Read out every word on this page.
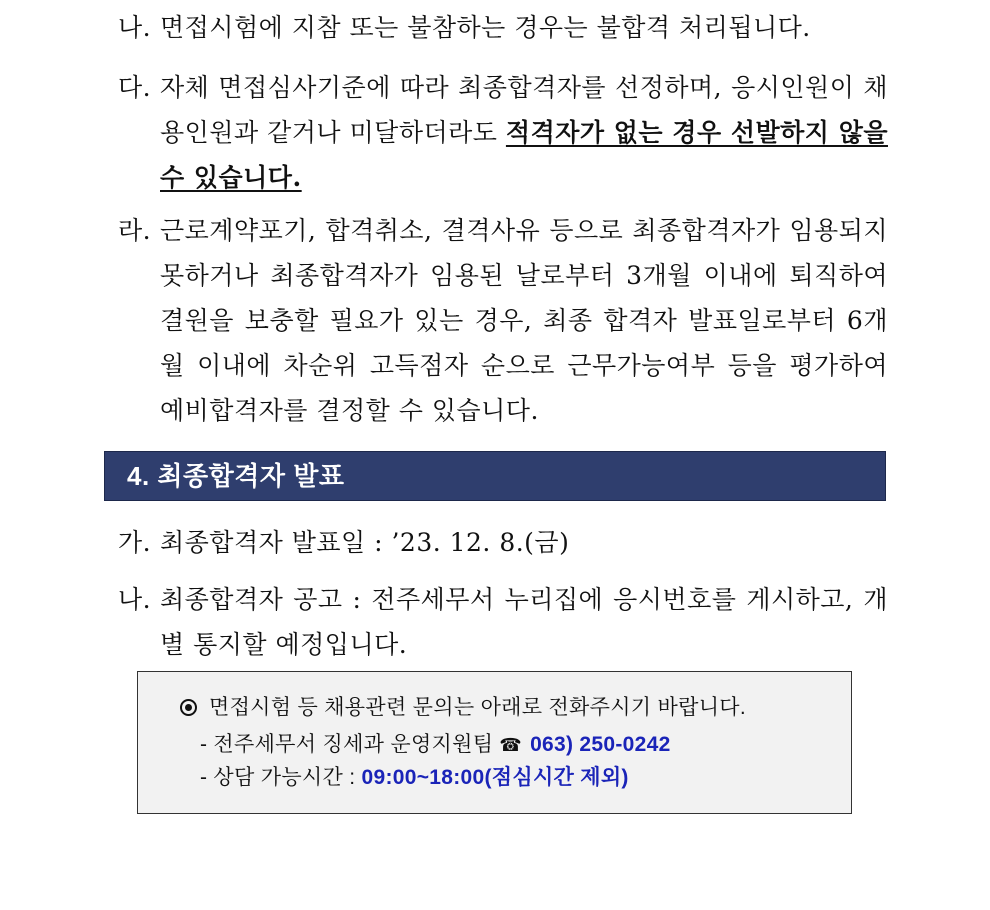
나. 면접시험에 지참 또는 불참하는 경우는 불합격 처리됩니다.
다. 자체 면접심사기준에 따라 최종합격자를 선정하며, 응시인원이 채용인원과 같거나 미달하더라도 적격자가 없는 경우 선발하지 않을 수 있습니다.
라. 근로계약포기, 합격취소, 결격사유 등으로 최종합격자가 임용되지 못하거나 최종합격자가 임용된 날로부터 3개월 이내에 퇴직하여 결원을 보충할 필요가 있는 경우, 최종 합격자 발표일로부터 6개월 이내에 차순위 고득점자 순으로 근무가능여부 등을 평가하여 예비합격자를 결정할 수 있습니다.
4. 최종합격자 발표
가. 최종합격자 발표일 : ’23. 12. 8.(금)
나. 최종합격자 공고 : 전주세무서 누리집에 응시번호를 게시하고, 개별 통지할 예정입니다.
면접시험 등 채용관련 문의는 아래로 전화주시기 바랍니다.
- 전주세무서 징세과 운영지원팀 ☎ 063) 250-0242
- 상담 가능시간 : 09:00~18:00(점심시간 제외)
